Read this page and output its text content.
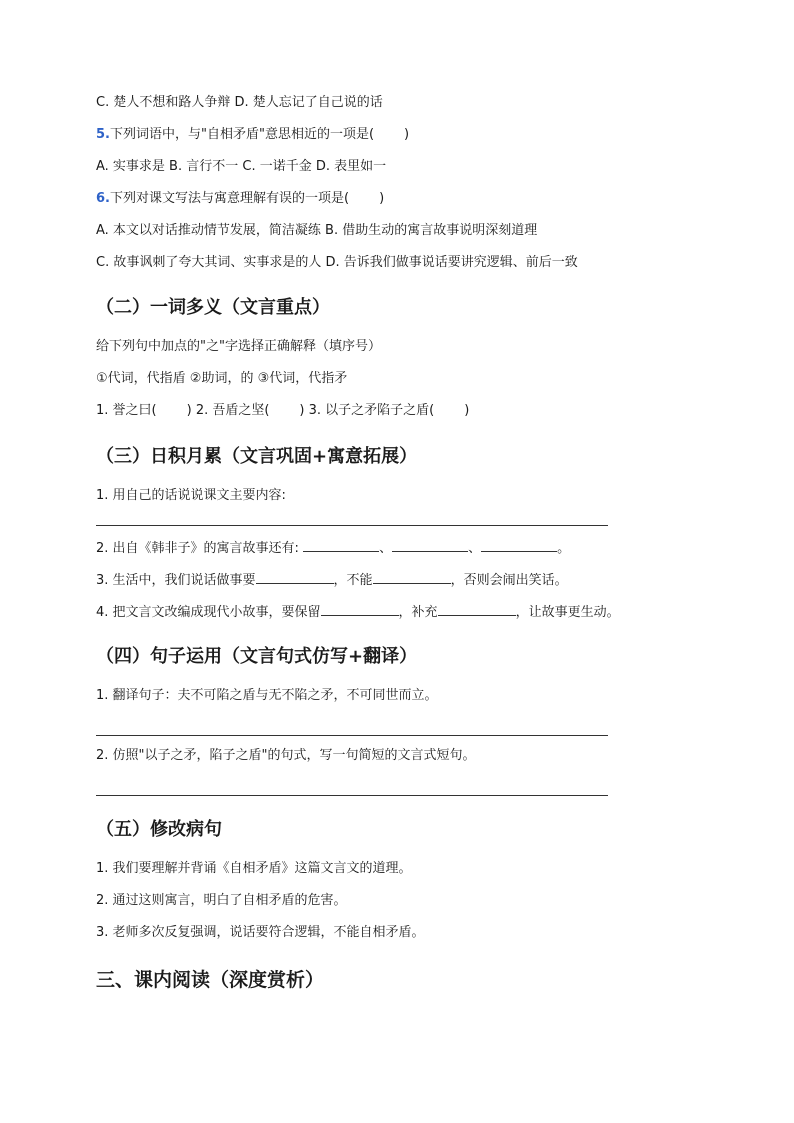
C. 楚人不想和路人争辩 D. 楚人忘记了自己说的话
5.下列词语中，与"自相矛盾"意思相近的一项是( )
A. 实事求是 B. 言行不一 C. 一诺千金 D. 表里如一
6.下列对课文写法与寓意理解有误的一项是( )
A. 本文以对话推动情节发展，简洁凝练 B. 借助生动的寓言故事说明深刻道理
C. 故事讽刺了夸大其词、实事求是的人 D. 告诉我们做事说话要讲究逻辑、前后一致
（二）一词多义（文言重点）
给下列句中加点的"之"字选择正确解释（填序号）
①代词，代指盾 ②助词，的 ③代词，代指矛
1. 誉之曰( ) 2. 吾盾之坚( ) 3. 以子之矛陷子之盾( )
（三）日积月累（文言巩固+寓意拓展）
1. 用自己的话说说课文主要内容:
2. 出自《韩非子》的寓言故事还有:	、	、	。
3. 生活中，我们说话做事要	，不能	，否则会闹出笑话。
4. 把文言文改编成现代小故事，要保留	，补充	，让故事更生动。
（四）句子运用（文言句式仿写+翻译）
1. 翻译句子：夫不可陷之盾与无不陷之矛，不可同世而立。
2. 仿照"以子之矛，陷子之盾"的句式，写一句简短的文言式短句。
（五）修改病句
1. 我们要理解并背诵《自相矛盾》这篇文言文的道理。
2. 通过这则寓言，明白了自相矛盾的危害。
3. 老师多次反复强调，说话要符合逻辑，不能自相矛盾。
三、课内阅读（深度赏析）
